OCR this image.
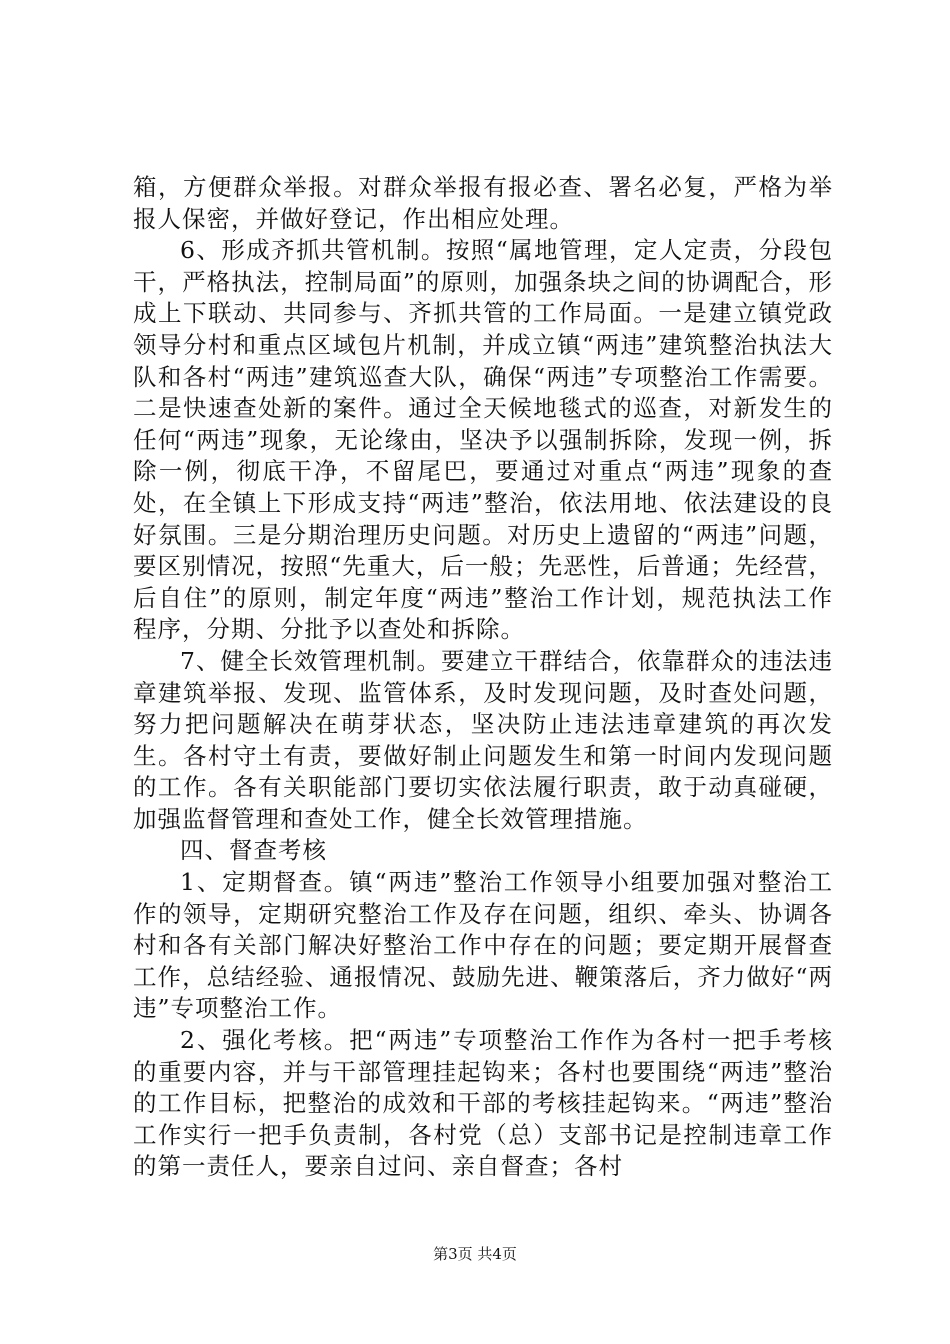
箱，方便群众举报。对群众举报有报必查、署名必复，严格为举报人保密，并做好登记，作出相应处理。

6、形成齐抓共管机制。按照“属地管理，定人定责，分段包干，严格执法，控制局面”的原则，加强条块之间的协调配合，形成上下联动、共同参与、齐抓共管的工作局面。一是建立镇党政领导分村和重点区域包片机制，并成立镇“两违”建筑整治执法大队和各村“两违”建筑巡查大队，确保“两违”专项整治工作需要。二是快速查处新的案件。通过全天候地毯式的巡查，对新发生的任何“两违”现象，无论缘由，坚决予以强制拆除，发现一例，拆除一例，彻底干净，不留尾巴，要通过对重点“两违”现象的查处，在全镇上下形成支持“两违”整治，依法用地、依法建设的良好氛围。三是分期治理历史问题。对历史上遗留的“两违”问题，要区别情况，按照“先重大，后一般；先恶性，后普通；先经营，后自住”的原则，制定年度“两违”整治工作计划，规范执法工作程序，分期、分批予以查处和拆除。

7、健全长效管理机制。要建立干群结合，依靠群众的违法违章建筑举报、发现、监管体系，及时发现问题，及时查处问题，努力把问题解决在萌芽状态，坚决防止违法违章建筑的再次发生。各村守土有责，要做好制止问题发生和第一时间内发现问题的工作。各有关职能部门要切实依法履行职责，敢于动真碰硬，加强监督管理和查处工作，健全长效管理措施。

四、督查考核

1、定期督查。镇“两违”整治工作领导小组要加强对整治工作的领导，定期研究整治工作及存在问题，组织、牵头、协调各村和各有关部门解决好整治工作中存在的问题；要定期开展督查工作，总结经验、通报情况、鼓励先进、鞭策落后，齐力做好“两违”专项整治工作。

2、强化考核。把“两违”专项整治工作作为各村一把手考核的重要内容，并与干部管理挂起钩来；各村也要围绕“两违”整治的工作目标，把整治的成效和干部的考核挂起钩来。“两违”整治工作实行一把手负责制，各村党（总）支部书记是控制违章工作的第一责任人，要亲自过问、亲自督查；各村

第3页 共4页
